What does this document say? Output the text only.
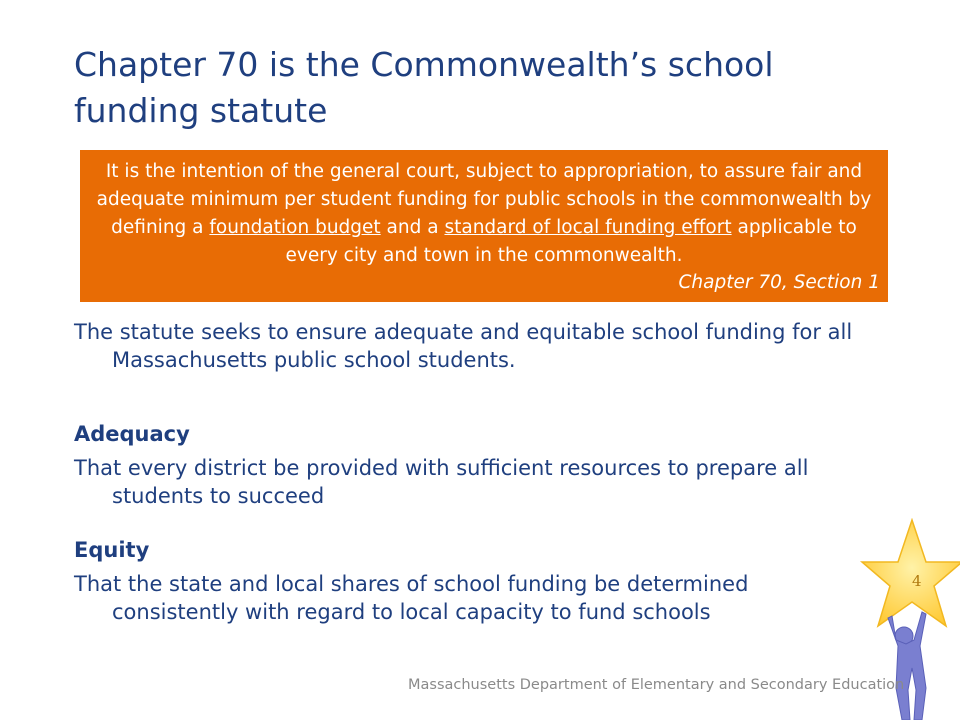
Chapter 70 is the Commonwealth’s school funding statute
It is the intention of the general court, subject to appropriation, to assure fair and adequate minimum per student funding for public schools in the commonwealth by defining a foundation budget and a standard of local funding effort applicable to every city and town in the commonwealth.
Chapter 70, Section 1

The statute seeks to ensure adequate and equitable school funding for all Massachusetts public school students.

Adequacy

That every district be provided with sufficient resources to prepare all students to succeed

Equity

That the state and local shares of school funding be determined consistently with regard to local capacity to fund schools

4
Massachusetts Department of Elementary and Secondary Education
